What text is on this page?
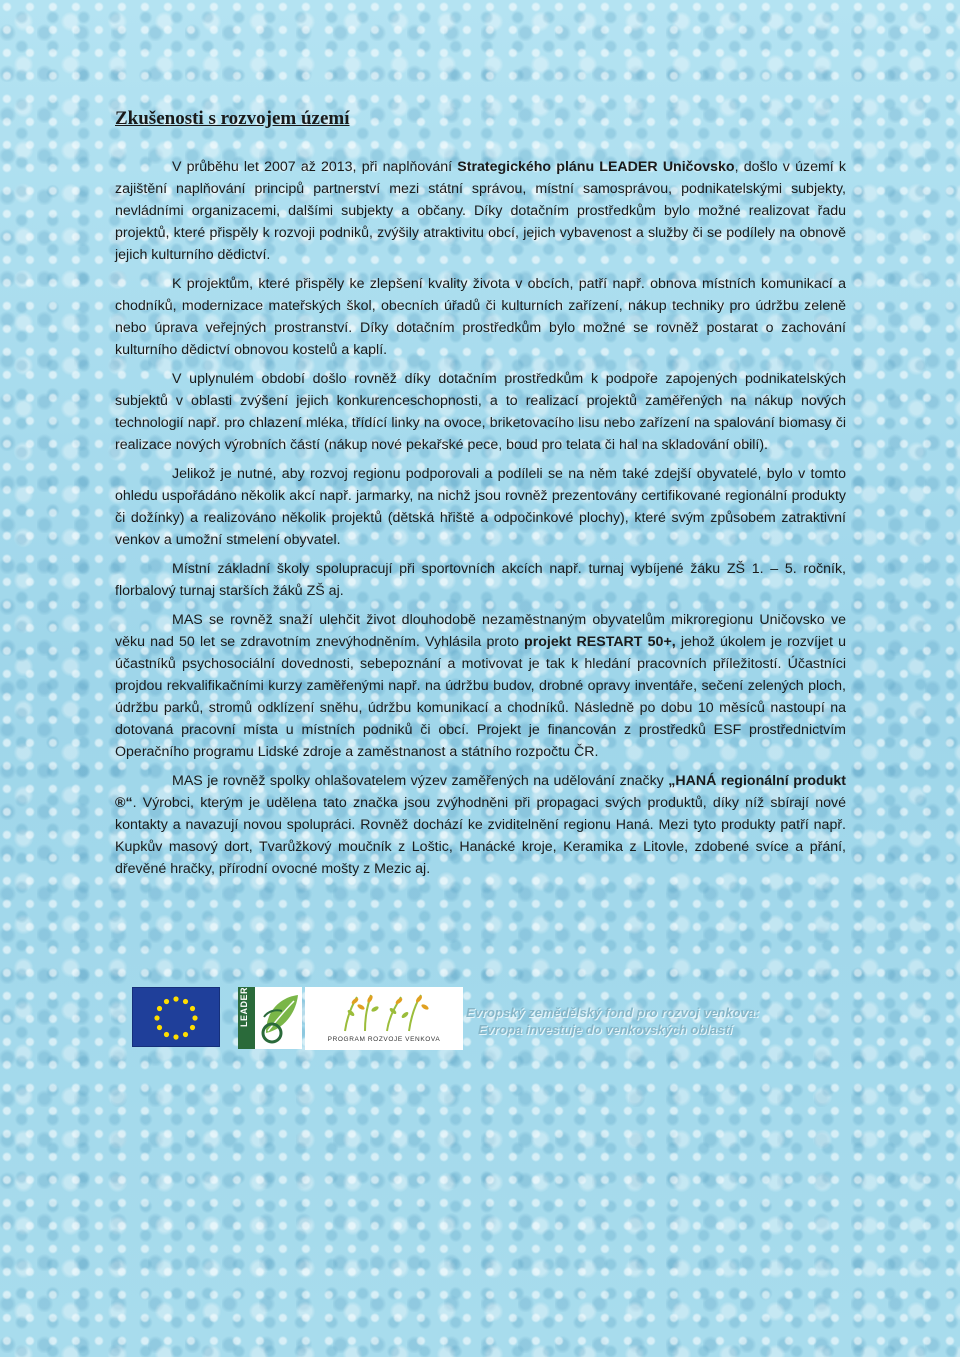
Zkušenosti s rozvojem území

V průběhu let 2007 až 2013, při naplňování Strategického plánu LEADER Uničovsko, došlo v území k zajištění naplňování principů partnerství mezi státní správou, místní samosprávou, podnikatelskými subjekty, nevládními organizacemi, dalšími subjekty a občany. Díky dotačním prostředkům bylo možné realizovat řadu projektů, které přispěly k rozvoji podniků, zvýšily atraktivitu obcí, jejich vybavenost a služby či se podílely na obnově jejich kulturního dědictví.

K projektům, které přispěly ke zlepšení kvality života v obcích, patří např. obnova místních komunikací a chodníků, modernizace mateřských škol, obecních úřadů či kulturních zařízení, nákup techniky pro údržbu zeleně nebo úprava veřejných prostranství. Díky dotačním prostředkům bylo možné se rovněž postarat o zachování kulturního dědictví obnovou kostelů a kaplí.

V uplynulém období došlo rovněž díky dotačním prostředkům k podpoře zapojených podnikatelských subjektů v oblasti zvýšení jejich konkurenceschopnosti, a to realizací projektů zaměřených na nákup nových technologií např. pro chlazení mléka, třídící linky na ovoce, briketovacího lisu nebo zařízení na spalování biomasy či realizace nových výrobních částí (nákup nové pekařské pece, boud pro telata či hal na skladování obilí).

Jelikož je nutné, aby rozvoj regionu podporovali a podíleli se na něm také zdejší obyvatelé, bylo v tomto ohledu uspořádáno několik akcí např. jarmarky, na nichž jsou rovněž prezentovány certifikované regionální produkty či dožínky) a realizováno několik projektů (dětská hřiště a odpočinkové plochy), které svým způsobem zatraktivní venkov a umožní stmelení obyvatel.

Místní základní školy spolupracují při sportovních akcích např. turnaj vybíjené žáku ZŠ 1. – 5. ročník, florbalový turnaj starších žáků ZŠ aj.

MAS se rovněž snaží ulehčit život dlouhodobě nezaměstnaným obyvatelům mikroregionu Uničovsko ve věku nad 50 let se zdravotním znevýhodněním. Vyhlásila proto projekt RESTART 50+, jehož úkolem je rozvíjet u účastníků psychosociální dovednosti, sebepoznání a motivovat je tak k hledání pracovních příležitostí. Účastníci projdou rekvalifikačními kurzy zaměřenými např. na údržbu budov, drobné opravy inventáře, sečení zelených ploch, údržbu parků, stromů odklízení sněhu, údržbu komunikací a chodníků. Následně po dobu 10 měsíců nastoupí na dotovaná pracovní místa u místních podniků či obcí. Projekt je financován z prostředků ESF prostřednictvím Operačního programu Lidské zdroje a zaměstnanost a státního rozpočtu ČR.

MAS je rovněž spolky ohlašovatelem výzev zaměřených na udělování značky „HANÁ regionální produkt ®“. Výrobci, kterým je udělena tato značka jsou zvýhodněni při propagaci svých produktů, díky níž sbírají nové kontakty a navazují novou spolupráci. Rovněž dochází ke zviditelnění regionu Haná. Mezi tyto produkty patří např. Kupkův masový dort, Tvarůžkový moučník z Loštic, Hanácké kroje, Keramika z Litovle, zdobené svíce a přání, dřevěné hračky, přírodní ovocné mošty z Mezic aj.

LEADER
PROGRAM ROZVOJE VENKOVA
Evropský zemědělský fond pro rozvoj venkova:
Evropa investuje do venkovských oblastí
